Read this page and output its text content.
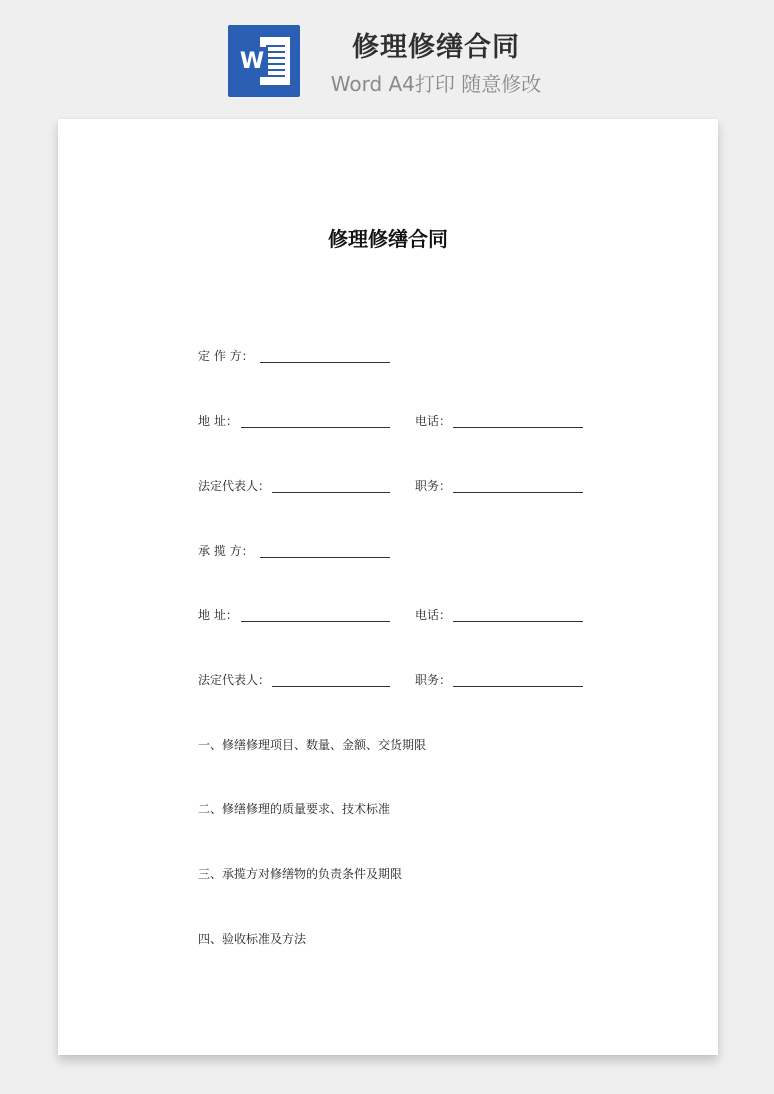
W	修理修缮合同
Word A4打印 随意修改
修理修缮合同
定 作 方：
地 址：	电话：
法定代表人：	职务：
承 揽 方：
地 址：	电话：
法定代表人：	职务：
一、修缮修理项目、数量、金额、交货期限
二、修缮修理的质量要求、技术标准
三、承揽方对修缮物的负责条件及期限
四、验收标准及方法
